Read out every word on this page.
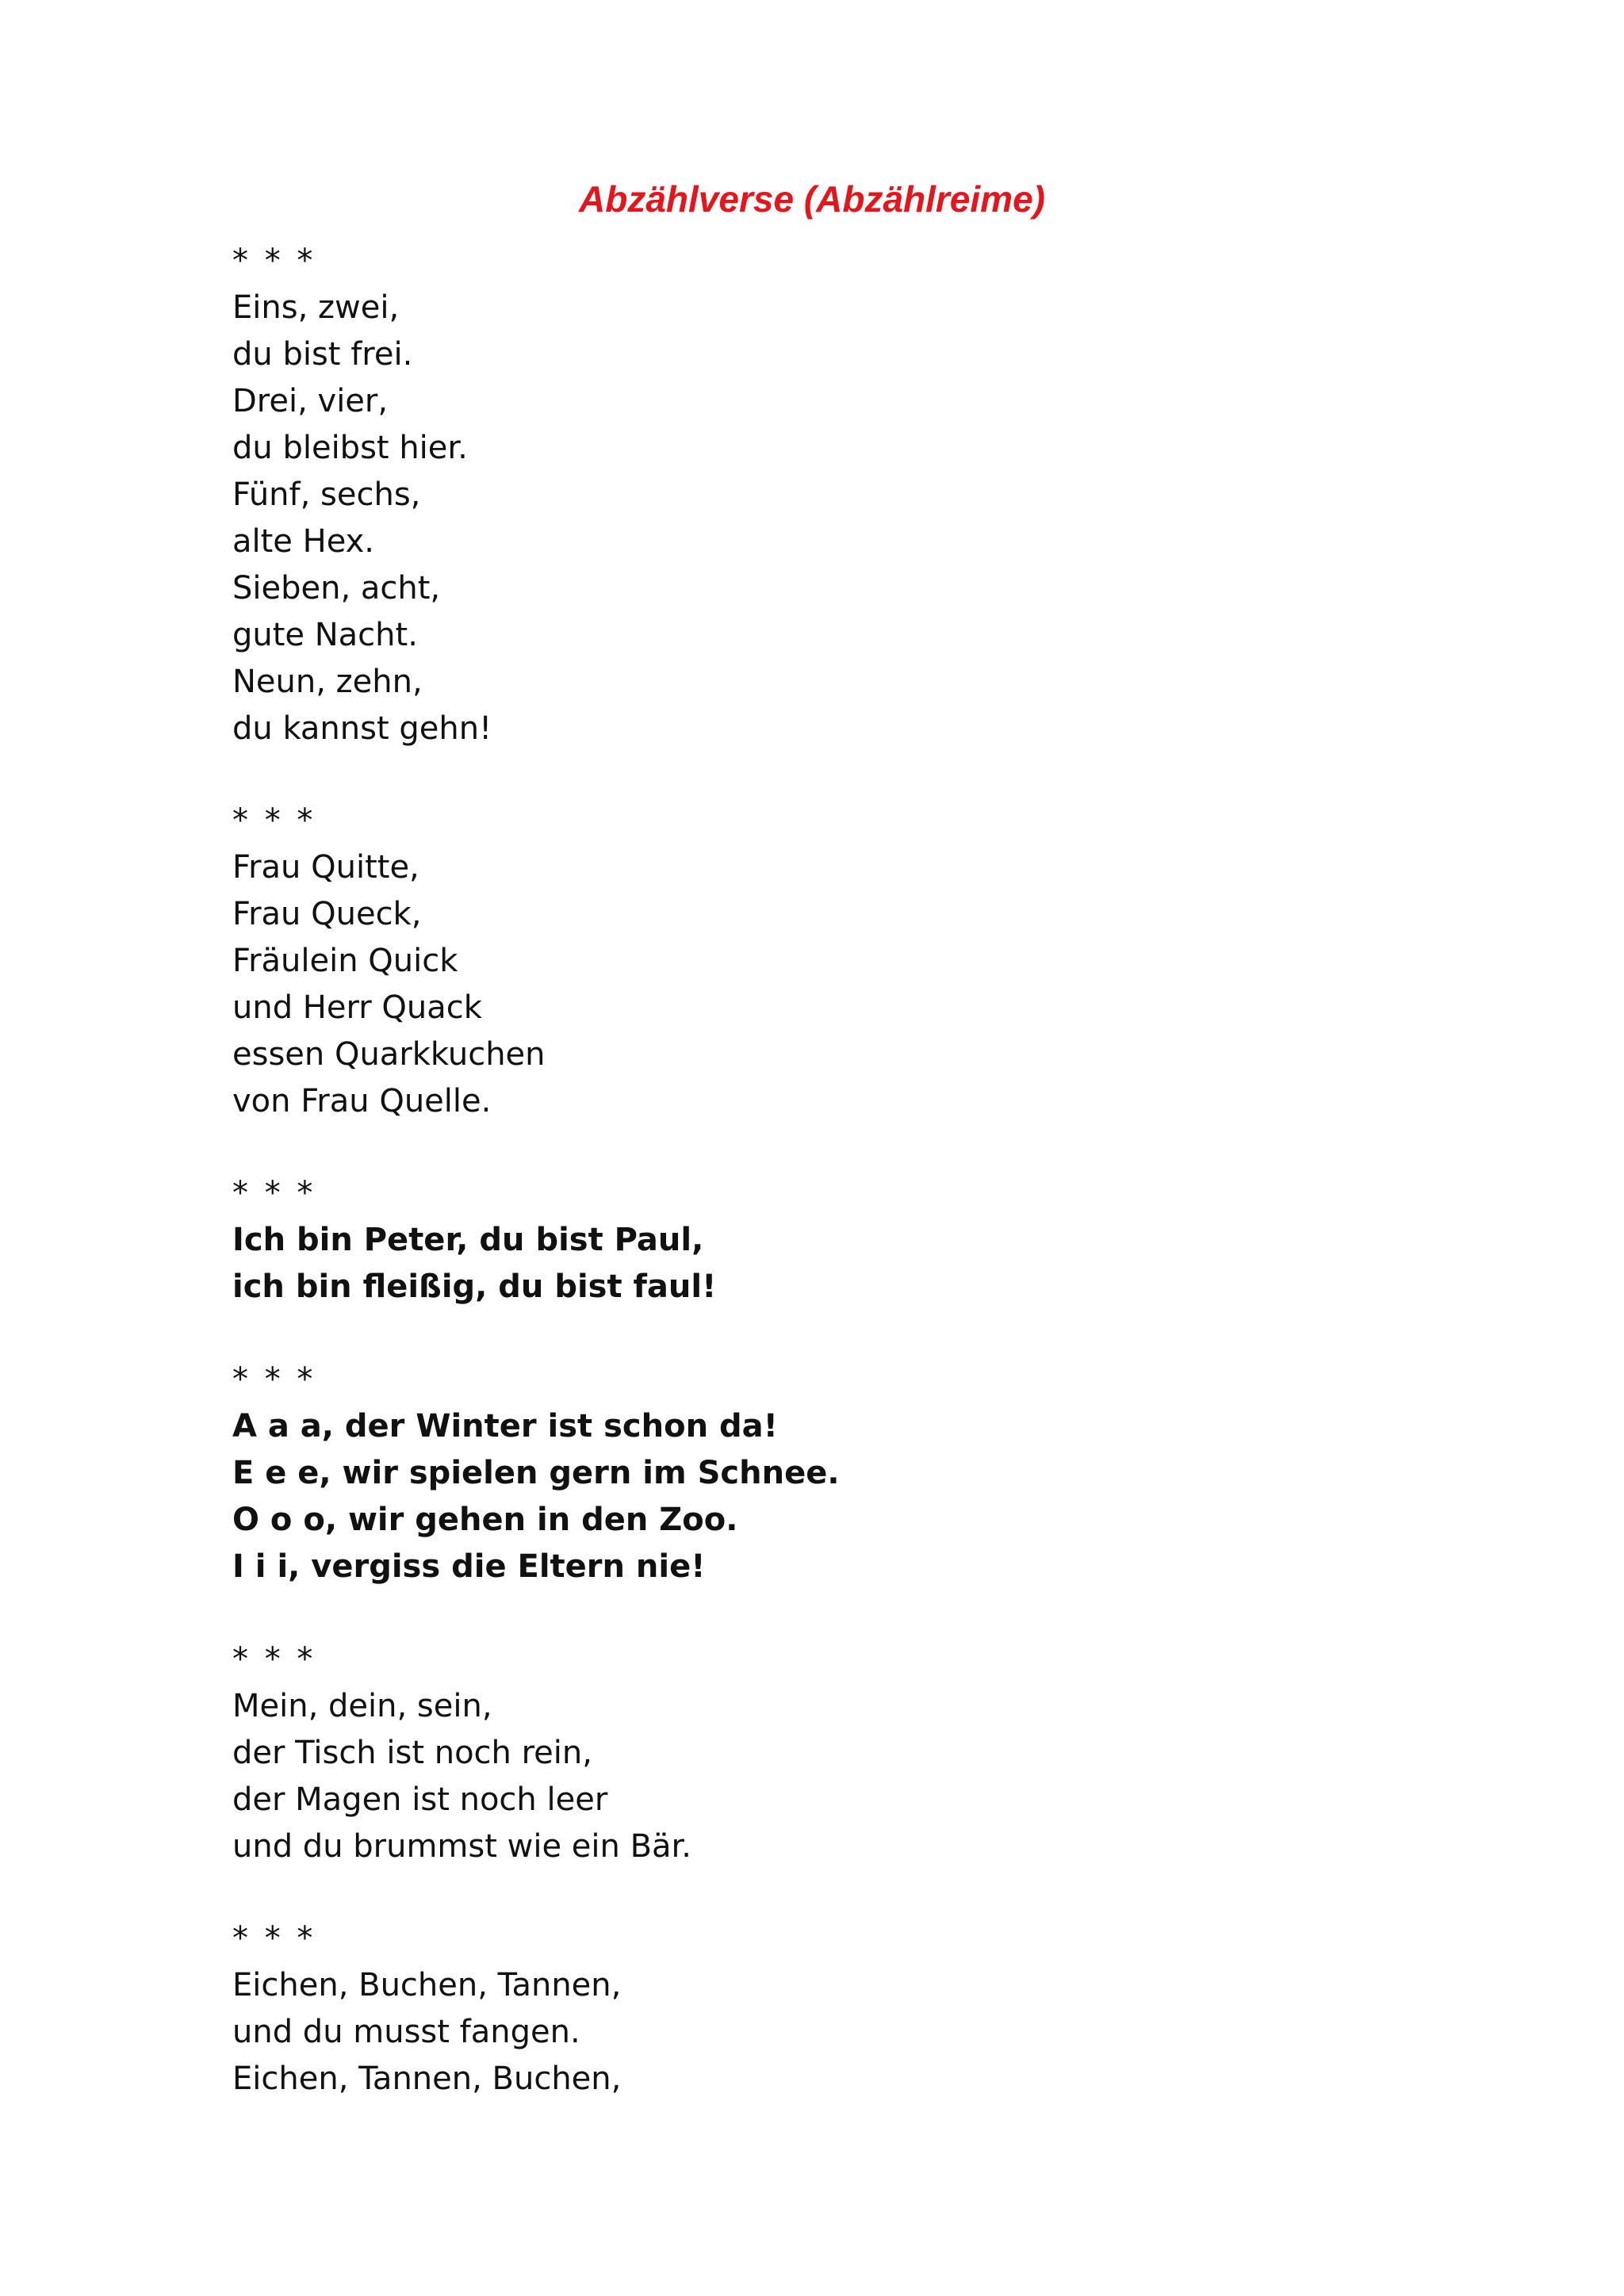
Abzählverse (Abzählreime)
* * *
Eins, zwei,
du bist frei.
Drei, vier,
du bleibst hier.
Fünf, sechs,
alte Hex.
Sieben, acht,
gute Nacht.
Neun, zehn,
du kannst gehn!
* * *
Frau Quitte,
Frau Queck,
Fräulein Quick
und Herr Quack
essen Quarkkuchen
von Frau Quelle.
* * *
Ich bin Peter, du bist Paul,
ich bin fleißig, du bist faul!
* * *
A a a, der Winter ist schon da!
E e e, wir spielen gern im Schnee.
O o o, wir gehen in den Zoo.
I i i, vergiss die Eltern nie!
* * *
Mein, dein, sein,
der Tisch ist noch rein,
der Magen ist noch leer
und du brummst wie ein Bär.
* * *
Eichen, Buchen, Tannen,
und du musst fangen.
Eichen, Tannen, Buchen,
